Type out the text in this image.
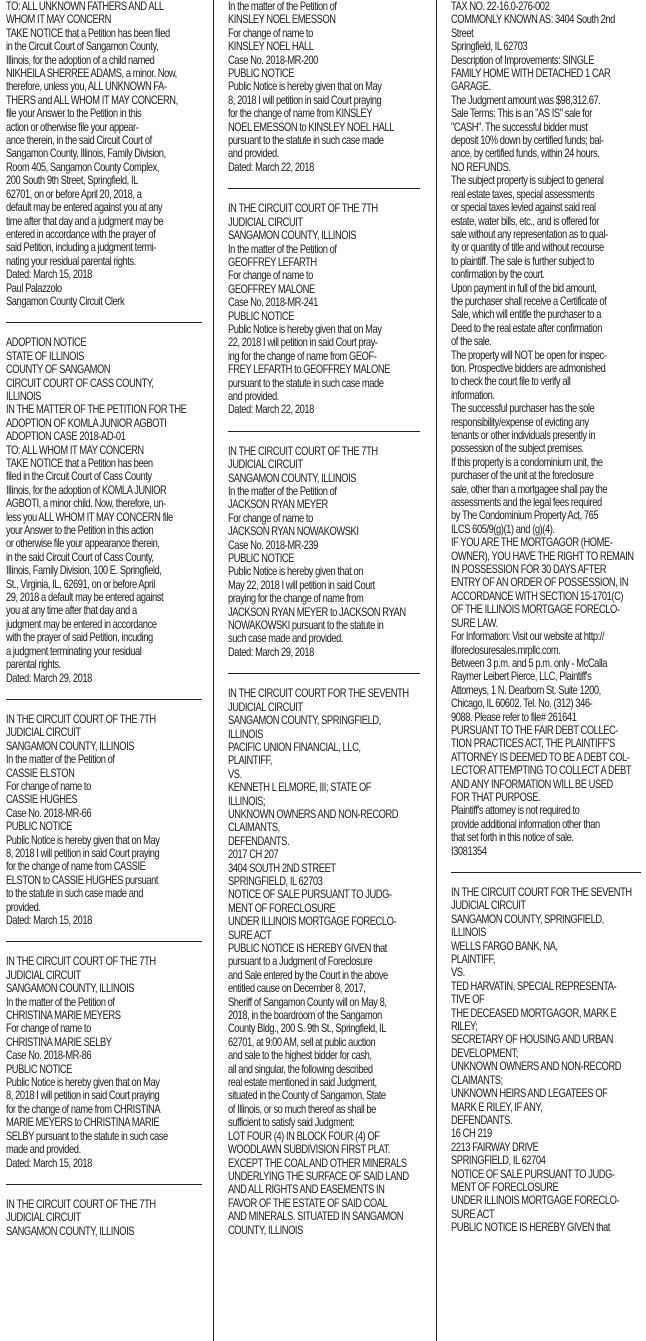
TO: ALL UNKNOWN FATHERS AND ALL
WHOM IT MAY CONCERN
TAKE NOTICE that a Petition has been filed
in the Circuit Court of Sangamon County,
Illinois, for the adoption of a child named
NIKHEILA SHERREE ADAMS, a minor. Now,
therefore, unless you, ALL UNKNOWN FA-
THERS and ALL WHOM IT MAY CONCERN,
file your Answer to the Petition in this
action or otherwise file your appear-
ance therein, in the said Circuit Court of
Sangamon County, Illinois, Family Division,
Room 405, Sangamon County Complex,
200 South 9th Street, Springfield, IL
62701, on or before April 20, 2018, a
default may be entered against you at any
time after that day and a judgment may be
entered in accordance with the prayer of
said Petition, including a judgment termi-
nating your residual parental rights.
Dated: March 15, 2018
Paul Palazzolo
Sangamon County Circuit Clerk
ADOPTION NOTICE
STATE OF ILLINOIS
COUNTY OF SANGAMON
CIRCUIT COURT OF CASS COUNTY,
ILLINOIS
IN THE MATTER OF THE PETITION FOR THE
ADOPTION OF KOMLA JUNIOR AGBOTI
ADOPTION CASE 2018-AD-01
TO: ALL WHOM IT MAY CONCERN
TAKE NOTICE that a Petition has been
filed in the Circuit Court of Cass County
Illinois, for the adoption of KOMLA JUNIOR
AGBOTI, a minor child. Now, therefore, un-
less you ALL WHOM IT MAY CONCERN file
your Answer to the Petition in this action
or otherwise file your appearance therein,
in the said Circuit Court of Cass County,
Illinois, Family Division, 100 E. Springfield,
St., Virginia, IL, 62691, on or before April
29, 2018 a default may be entered against
you at any time after that day and a
judgment may be entered in accordance
with the prayer of said Petition, incuding
a judgment terminating your residual
parental rights.
Dated: March 29, 2018
IN THE CIRCUIT COURT OF THE 7TH
JUDICIAL CIRCUIT
SANGAMON COUNTY, ILLINOIS
In the matter of the Petition of
CASSIE ELSTON
For change of name to
CASSIE HUGHES
Case No. 2018-MR-66
PUBLIC NOTICE
Public Notice is hereby given that on May
8, 2018 I will petition in said Court praying
for the change of name from CASSIE
ELSTON to CASSIE HUGHES pursuant
to the statute in such case made and
provided.
Dated: March 15, 2018
IN THE CIRCUIT COURT OF THE 7TH
JUDICIAL CIRCUIT
SANGAMON COUNTY, ILLINOIS
In the matter of the Petition of
CHRISTINA MARIE MEYERS
For change of name to
CHRISTINA MARIE SELBY
Case No. 2018-MR-86
PUBLIC NOTICE
Public Notice is hereby given that on May
8, 2018 I will petition in said Court praying
for the change of name from CHRISTINA
MARIE MEYERS to CHRISTINA MARIE
SELBY pursuant to the statute in such case
made and provided.
Dated: March 15, 2018
IN THE CIRCUIT COURT OF THE 7TH
JUDICIAL CIRCUIT
SANGAMON COUNTY, ILLINOIS
In the matter of the Petition of
KINSLEY NOEL EMESSON
For change of name to
KINSLEY NOEL HALL
Case No. 2018-MR-200
PUBLIC NOTICE
Public Notice is hereby given that on May
8, 2018 I will petition in said Court praying
for the change of name from KINSLEY
NOEL EMESSON to KINSLEY NOEL HALL
pursuant to the statute in such case made
and provided.
Dated: March 22, 2018
IN THE CIRCUIT COURT OF THE 7TH
JUDICIAL CIRCUIT
SANGAMON COUNTY, ILLINOIS
In the matter of the Petition of
GEOFFREY LEFARTH
For change of name to
GEOFFREY MALONE
Case No. 2018-MR-241
PUBLIC NOTICE
Public Notice is hereby given that on May
22, 2018 I will petition in said Court pray-
ing for the change of name from GEOF-
FREY LEFARTH to GEOFFREY MALONE
pursuant to the statute in such case made
and provided.
Dated: March 22, 2018
IN THE CIRCUIT COURT OF THE 7TH
JUDICIAL CIRCUIT
SANGAMON COUNTY, ILLINOIS
In the matter of the Petition of
JACKSON RYAN MEYER
For change of name to
JACKSON RYAN NOWAKOWSKI
Case No. 2018-MR-239
PUBLIC NOTICE
Public Notice is hereby given that on
May 22, 2018 I will petition in said Court
praying for the change of name from
JACKSON RYAN MEYER to JACKSON RYAN
NOWAKOWSKI pursuant to the statute in
such case made and provided.
Dated: March 29, 2018
IN THE CIRCUIT COURT FOR THE SEVENTH
JUDICIAL CIRCUIT
SANGAMON COUNTY, SPRINGFIELD,
ILLINOIS
PACIFIC UNION FINANCIAL, LLC,
PLAINTIFF,
VS.
KENNETH L ELMORE, III; STATE OF
ILLINOIS;
UNKNOWN OWNERS AND NON-RECORD
CLAIMANTS,
DEFENDANTS.
2017 CH 207
3404 SOUTH 2ND STREET
SPRINGFIELD, IL 62703
NOTICE OF SALE PURSUANT TO JUDG-
MENT OF FORECLOSURE
UNDER ILLINOIS MORTGAGE FORECLO-
SURE ACT
PUBLIC NOTICE IS HEREBY GIVEN that
pursuant to a Judgment of Foreclosure
and Sale entered by the Court in the above
entitled cause on December 8, 2017,
Sheriff of Sangamon County will on May 8,
2018, in the boardroom of the Sangamon
County Bldg., 200 S. 9th St., Springfield, IL
62701, at 9:00 AM, sell at public auction
and sale to the highest bidder for cash,
all and singular, the following described
real estate mentioned in said Judgment,
situated in the County of Sangamon, State
of Illinois, or so much thereof as shall be
sufficient to satisfy said Judgment:
LOT FOUR (4) IN BLOCK FOUR (4) OF
WOODLAWN SUBDIVISION FIRST PLAT.
EXCEPT THE COAL AND OTHER MINERALS
UNDERLYING THE SURFACE OF SAID LAND
AND ALL RIGHTS AND EASEMENTS IN
FAVOR OF THE ESTATE OF SAID COAL
AND MINERALS. SITUATED IN SANGAMON
COUNTY, ILLINOIS
TAX NO. 22-16.0-276-002
COMMONLY KNOWN AS: 3404 South 2nd
Street
Springfield, IL 62703
Description of Improvements: SINGLE
FAMILY HOME WITH DETACHED 1 CAR
GARAGE.
The Judgment amount was $98,312.67.
Sale Terms: This is an "AS IS" sale for
"CASH". The successful bidder must
deposit 10% down by certified funds; bal-
ance, by certified funds, within 24 hours.
NO REFUNDS.
The subject property is subject to general
real estate taxes, special assessments
or special taxes levied against said real
estate, water bills, etc., and is offered for
sale without any representation as to qual-
ity or quantity of title and without recourse
to plaintiff. The sale is further subject to
confirmation by the court.
Upon payment in full of the bid amount,
the purchaser shall receive a Certificate of
Sale, which will entitle the purchaser to a
Deed to the real estate after confirmation
of the sale.
The property will NOT be open for inspec-
tion. Prospective bidders are admonished
to check the court file to verify all
information.
The successful purchaser has the sole
responsibility/expense of evicting any
tenants or other individuals presently in
possession of the subject premises.
If this property is a condominium unit, the
purchaser of the unit at the foreclosure
sale, other than a mortgagee shall pay the
assessments and the legal fees required
by The Condominium Property Act, 765
ILCS 605/9(g)(1) and (g)(4).
IF YOU ARE THE MORTGAGOR (HOME-
OWNER), YOU HAVE THE RIGHT TO REMAIN
IN POSSESSION FOR 30 DAYS AFTER
ENTRY OF AN ORDER OF POSSESSION, IN
ACCORDANCE WITH SECTION 15-1701(C)
OF THE ILLINOIS MORTGAGE FORECLO-
SURE LAW.
For Information: Visit our website at http://
ilforeclosuresales.mrpllc.com.
Between 3 p.m. and 5 p.m. only - McCalla
Raymer Leibert Pierce, LLC, Plaintiff's
Attorneys, 1 N. Dearborn St. Suite 1200,
Chicago, IL 60602. Tel. No. (312) 346-
9088. Please refer to file# 261641
PURSUANT TO THE FAIR DEBT COLLEC-
TION PRACTICES ACT, THE PLAINTIFF'S
ATTORNEY IS DEEMED TO BE A DEBT COL-
LECTOR ATTEMPTING TO COLLECT A DEBT
AND ANY INFORMATION WILL BE USED
FOR THAT PURPOSE.
Plaintiff's attorney is not required to
provide additional information other than
that set forth in this notice of sale.
I3081354
IN THE CIRCUIT COURT FOR THE SEVENTH
JUDICIAL CIRCUIT
SANGAMON COUNTY, SPRINGFIELD,
ILLINOIS
WELLS FARGO BANK, NA,
PLAINTIFF,
VS.
TED HARVATIN, SPECIAL REPRESENTA-
TIVE OF
THE DECEASED MORTGAGOR, MARK E
RILEY;
SECRETARY OF HOUSING AND URBAN
DEVELOPMENT;
UNKNOWN OWNERS AND NON-RECORD
CLAIMANTS;
UNKNOWN HEIRS AND LEGATEES OF
MARK E RILEY, IF ANY,
DEFENDANTS.
16 CH 219
2213 FAIRWAY DRIVE
SPRINGFIELD, IL 62704
NOTICE OF SALE PURSUANT TO JUDG-
MENT OF FORECLOSURE
UNDER ILLINOIS MORTGAGE FORECLO-
SURE ACT
PUBLIC NOTICE IS HEREBY GIVEN that
